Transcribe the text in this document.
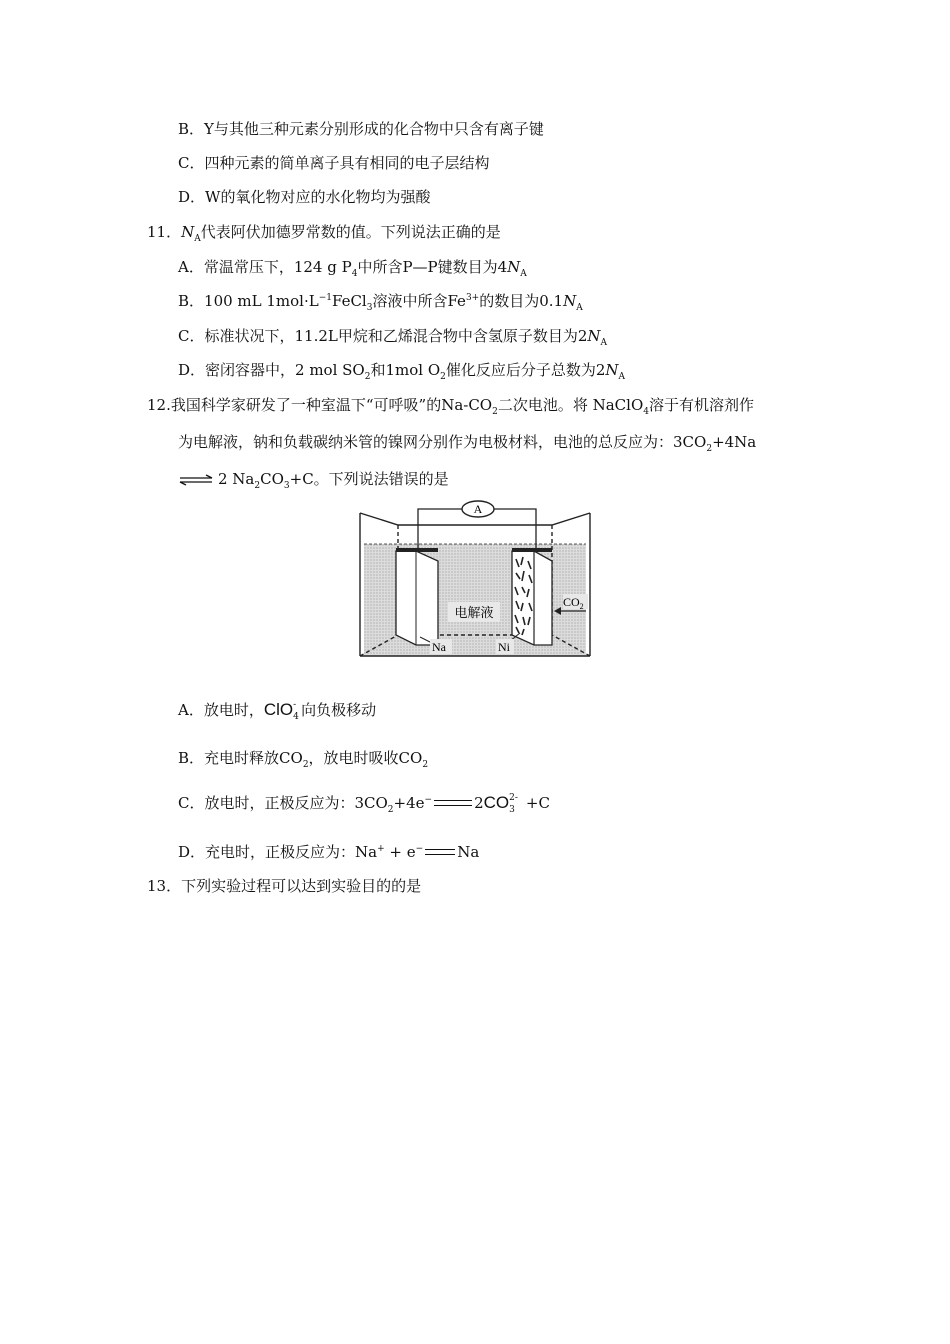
B．Y与其他三种元素分别形成的化合物中只含有离子键
C．四种元素的简单离子具有相同的电子层结构
D．W的氧化物对应的水化物均为强酸
11．$N_A$代表阿伏加德罗常数的值。下列说法正确的是
A．常温常压下，124 g $P_4$中所含P—P键数目为$4N_A$
B．100 mL $1mol\cdot L^{-1}FeCl_3$溶液中所含$Fe^{3+}$的数目为$0.1N_A$
C．标准状况下，11.2L甲烷和乙烯混合物中含氢原子数目为$2N_A$
D．密闭容器中，2 mol $SO_2$和1mol $O_2$催化反应后分子总数为$2N_A$
12.我国科学家研发了一种室温下“可呼吸”的$Na-CO_2$二次电池。将 NaClO$_4$溶于有机溶剂作
为电解液，钠和负载碳纳米管的镍网分别作为电极材料，电池的总反应为：$3CO_2+4Na$
⇌ 2 $Na_2CO_3+C$。下列说法错误的是
A
电解液
$CO_2$
Na	Ni
A．放电时，ClO -
4 向负极移动
B．充电时释放$CO_2$，放电时吸收$CO_2$
C．放电时，正极反应为：$3CO_2+4e^-$	2CO 2-
3 +C
D．充电时，正极反应为：Na+ + e− Na
13．下列实验过程可以达到实验目的的是
